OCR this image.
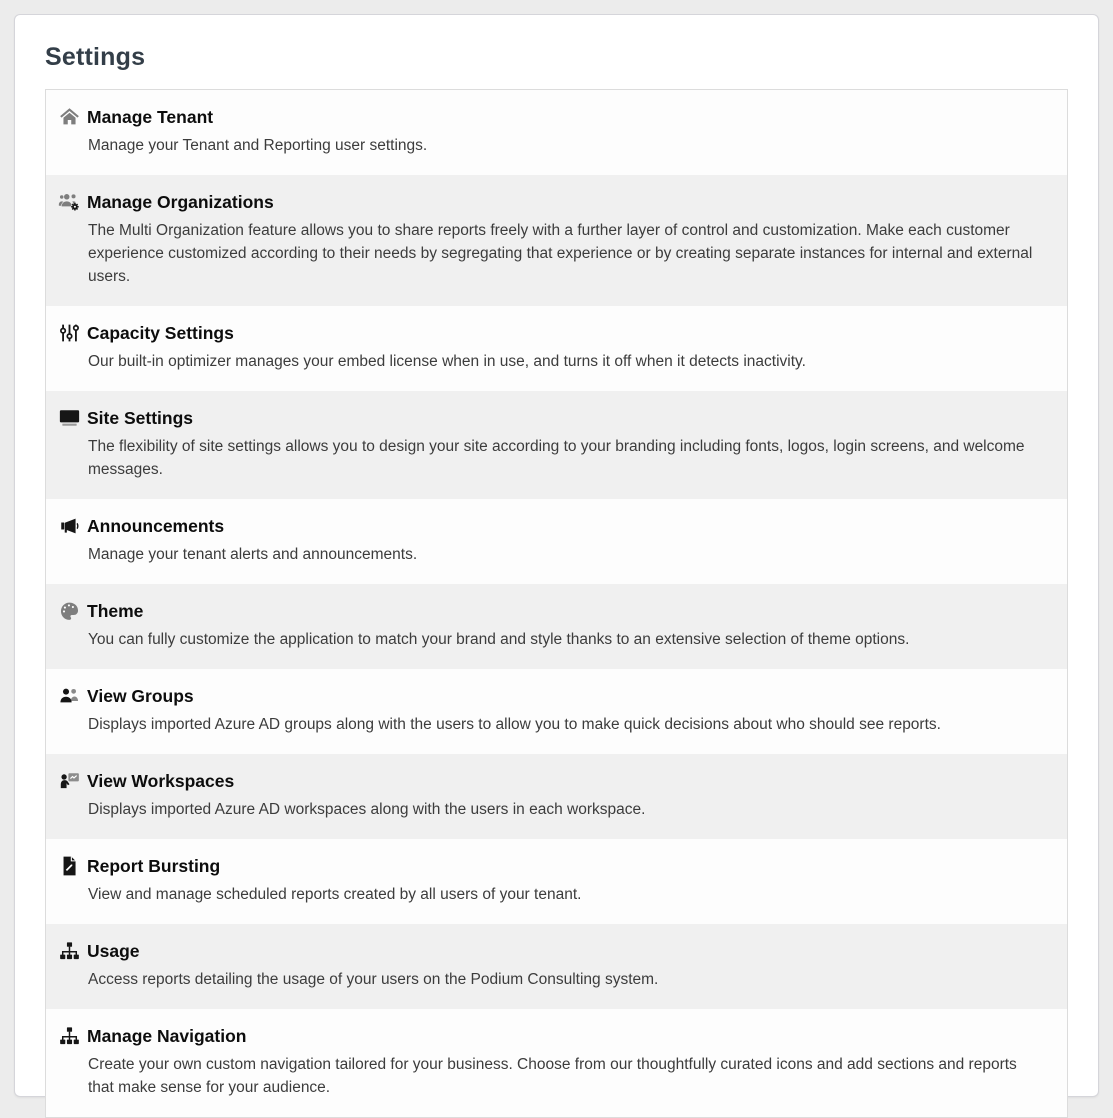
Settings
Manage Tenant

Manage your Tenant and Reporting user settings.

Manage Organizations

The Multi Organization feature allows you to share reports freely with a further layer of control and customization. Make each customer experience customized according to their needs by segregating that experience or by creating separate instances for internal and external users.

Capacity Settings

Our built-in optimizer manages your embed license when in use, and turns it off when it detects inactivity.

Site Settings

The flexibility of site settings allows you to design your site according to your branding including fonts, logos, login screens, and welcome messages.

Announcements

Manage your tenant alerts and announcements.

Theme

You can fully customize the application to match your brand and style thanks to an extensive selection of theme options.

View Groups

Displays imported Azure AD groups along with the users to allow you to make quick decisions about who should see reports.

View Workspaces

Displays imported Azure AD workspaces along with the users in each workspace.

Report Bursting

View and manage scheduled reports created by all users of your tenant.

Usage

Access reports detailing the usage of your users on the Podium Consulting system.

Manage Navigation

Create your own custom navigation tailored for your business. Choose from our thoughtfully curated icons and add sections and reports that make sense for your audience.
